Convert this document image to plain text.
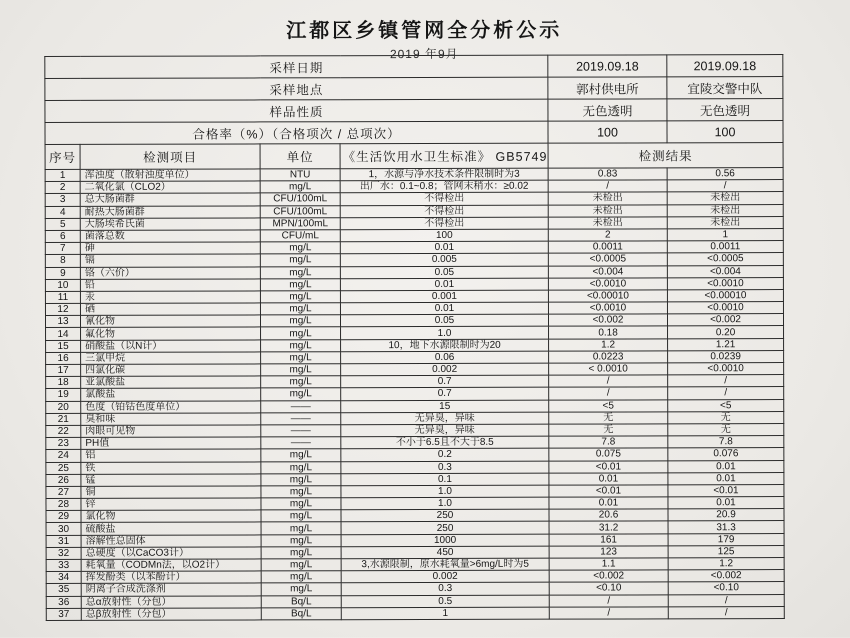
江都区乡镇管网全分析公示
2019 年9月
采样日期				2019.09.18	2019.09.18
采样地点				郭村供电所	宜陵交警中队
样品性质				无色透明	无色透明
合格率（%）（合格项次 / 总项次）				100	100
序号	检测项目	单位	《生活饮用水卫生标准》 GB5749	检测结果	
1	浑浊度（散射浊度单位）	NTU	1，水源与净水技术条件限制时为3	0.83	0.56
2	二氧化氯（CLO2）	mg/L	出厂水：0.1~0.8；管网末稍水：≥0.02	/	/
3	总大肠菌群	CFU/100mL	不得检出	未检出	未检出
4	耐热大肠菌群	CFU/100mL	不得检出	未检出	未检出
5	大肠埃希氏菌	MPN/100mL	不得检出	未检出	未检出
6	菌落总数	CFU/mL	100	2	1
7	砷	mg/L	0.01	0.0011	0.0011
8	镉	mg/L	0.005	<0.0005	<0.0005
9	铬（六价）	mg/L	0.05	<0.004	<0.004
10	铅	mg/L	0.01	<0.0010	<0.0010
11	汞	mg/L	0.001	<0.00010	<0.00010
12	硒	mg/L	0.01	<0.0010	<0.0010
13	氰化物	mg/L	0.05	<0.002	<0.002
14	氟化物	mg/L	1.0	0.18	0.20
15	硝酸盐（以N计）	mg/L	10，地下水源限制时为20	1.2	1.21
16	三氯甲烷	mg/L	0.06	0.0223	0.0239
17	四氯化碳	mg/L	0.002	< 0.0010	<0.0010
18	亚氯酸盐	mg/L	0.7	/	/
19	氯酸盐	mg/L	0.7	/	/
20	色度（铂钴色度单位）	——	15	<5	<5
21	臭和味	——	无异臭，异味	无	无
22	肉眼可见物	——	无异臭，异味	无	无
23	PH值	——	不小于6.5且不大于8.5	7.8	7.8
24	铝	mg/L	0.2	0.075	0.076
25	铁	mg/L	0.3	<0.01	0.01
26	锰	mg/L	0.1	0.01	0.01
27	铜	mg/L	1.0	<0.01	<0.01
28	锌	mg/L	1.0	0.01	0.01
29	氯化物	mg/L	250	20.6	20.9
30	硫酸盐	mg/L	250	31.2	31.3
31	溶解性总固体	mg/L	1000	161	179
32	总硬度（以CaCO3计）	mg/L	450	123	125
33	耗氧量（CODMn法，以O2计）	mg/L	3,水源限制，原水耗氧量>6mg/L时为5	1.1	1.2
34	挥发酚类（以苯酚计）	mg/L	0.002	<0.002	<0.002
35	阴离子合成洗涤剂	mg/L	0.3	<0.10	<0.10
36	总α放射性（分包）	Bq/L	0.5	/	/
37	总β放射性（分包）	Bq/L	1	/	/
